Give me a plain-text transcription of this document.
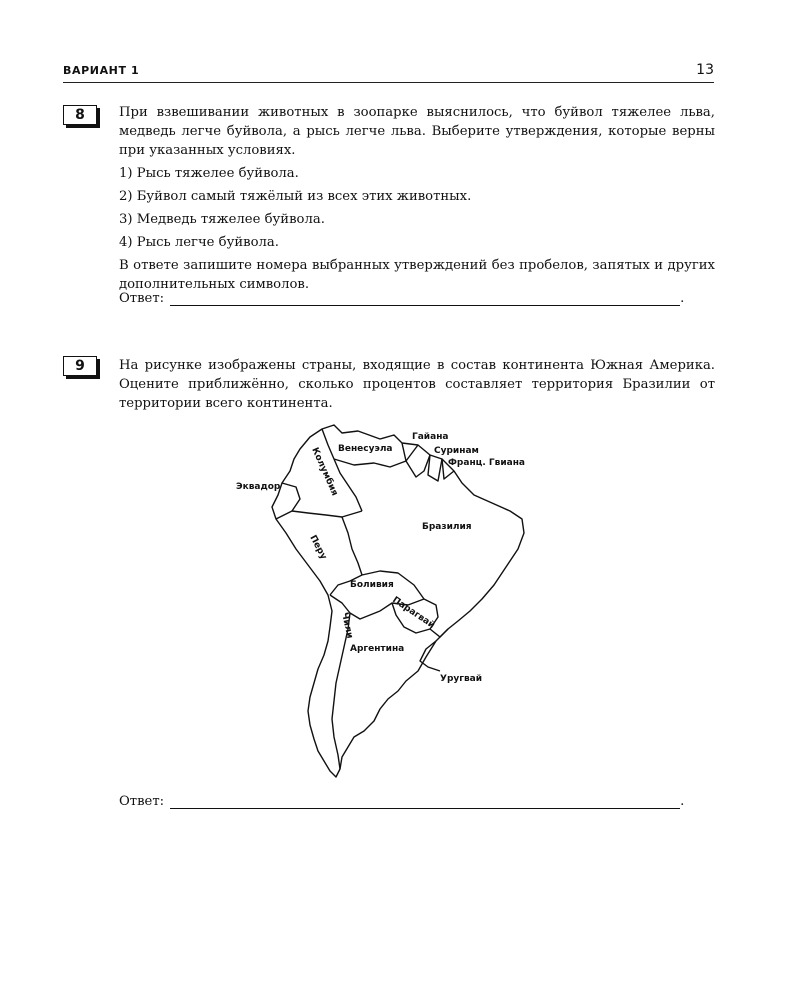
ВАРИАНТ 1	13
8	При взвешивании животных в зоопарке выяснилось, что буйвол тяжелее льва, медведь легче буйвола, а рысь легче льва. Выберите утверждения, которые верны при указанных условиях.

1) Рысь тяжелее буйвола.

2) Буйвол самый тяжёлый из всех этих животных.

3) Медведь тяжелее буйвола.

4) Рысь легче буйвола.

В ответе запишите номера выбранных утверждений без пробелов, запятых и других дополнительных символов.

Ответ:	.
9	На рисунке изображены страны, входящие в состав континента Южная Америка. Оцените приближённо, сколько процентов составляет территория Бразилии от территории всего континента.

Гайана
Венесуэла	Суринам
Франц. Гвиана
Колумбия
Эквадор
Бразилия
Перу
Боливия
Парагвай
Чили
Аргентина
Уругвай
Ответ:	.
